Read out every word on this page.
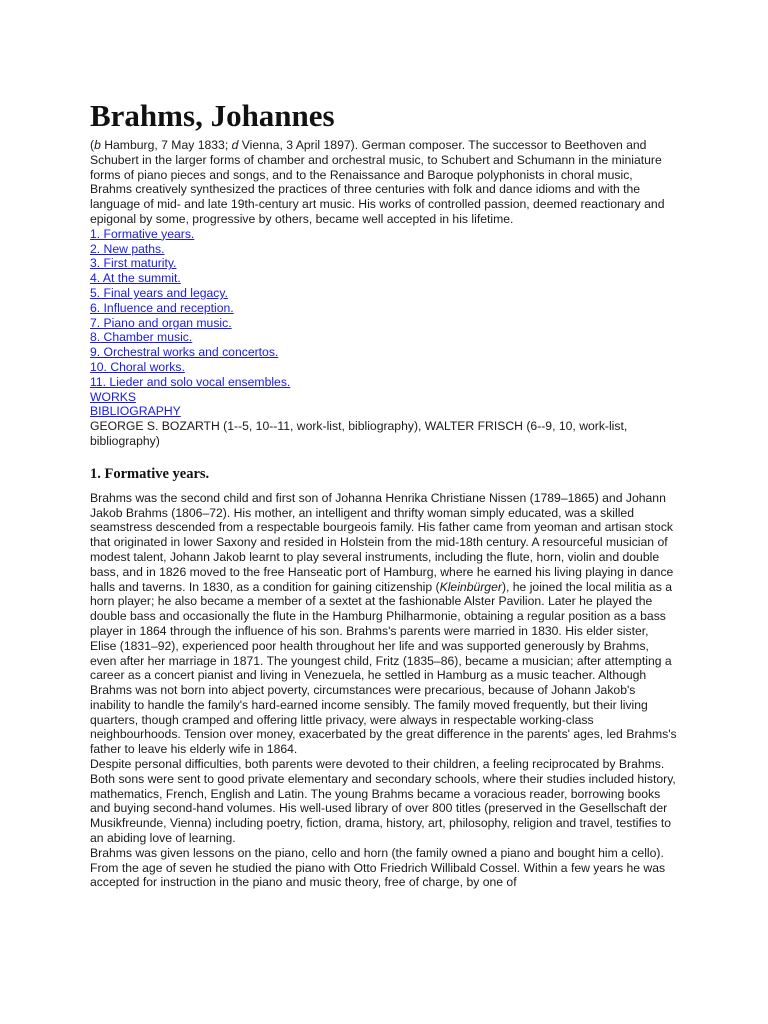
Brahms, Johannes

(b Hamburg, 7 May 1833; d Vienna, 3 April 1897). German composer. The successor to Beethoven and Schubert in the larger forms of chamber and orchestral music, to Schubert and Schumann in the miniature forms of piano pieces and songs, and to the Renaissance and Baroque polyphonists in choral music, Brahms creatively synthesized the practices of three centuries with folk and dance idioms and with the language of mid- and late 19th-century art music. His works of controlled passion, deemed reactionary and epigonal by some, progressive by others, became well accepted in his lifetime.

1. Formative years.
2. New paths.
3. First maturity.
4. At the summit.
5. Final years and legacy.
6. Influence and reception.
7. Piano and organ music.
8. Chamber music.
9. Orchestral works and concertos.
10. Choral works.
11. Lieder and solo vocal ensembles.
WORKS
BIBLIOGRAPHY

GEORGE S. BOZARTH (1--5, 10--11, work-list, bibliography), WALTER FRISCH (6--9, 10, work-list, bibliography)

1. Formative years.

Brahms was the second child and first son of Johanna Henrika Christiane Nissen (1789–1865) and Johann Jakob Brahms (1806–72). His mother, an intelligent and thrifty woman simply educated, was a skilled seamstress descended from a respectable bourgeois family. His father came from yeoman and artisan stock that originated in lower Saxony and resided in Holstein from the mid-18th century. A resourceful musician of modest talent, Johann Jakob learnt to play several instruments, including the flute, horn, violin and double bass, and in 1826 moved to the free Hanseatic port of Hamburg, where he earned his living playing in dance halls and taverns. In 1830, as a condition for gaining citizenship (Kleinbürger), he joined the local militia as a horn player; he also became a member of a sextet at the fashionable Alster Pavilion. Later he played the double bass and occasionally the flute in the Hamburg Philharmonie, obtaining a regular position as a bass player in 1864 through the influence of his son. Brahms's parents were married in 1830. His elder sister, Elise (1831–92), experienced poor health throughout her life and was supported generously by Brahms, even after her marriage in 1871. The youngest child, Fritz (1835–86), became a musician; after attempting a career as a concert pianist and living in Venezuela, he settled in Hamburg as a music teacher. Although Brahms was not born into abject poverty, circumstances were precarious, because of Johann Jakob's inability to handle the family's hard-earned income sensibly. The family moved frequently, but their living quarters, though cramped and offering little privacy, were always in respectable working-class neighbourhoods. Tension over money, exacerbated by the great difference in the parents' ages, led Brahms's father to leave his elderly wife in 1864.

Despite personal difficulties, both parents were devoted to their children, a feeling reciprocated by Brahms. Both sons were sent to good private elementary and secondary schools, where their studies included history, mathematics, French, English and Latin. The young Brahms became a voracious reader, borrowing books and buying second-hand volumes. His well-used library of over 800 titles (preserved in the Gesellschaft der Musikfreunde, Vienna) including poetry, fiction, drama, history, art, philosophy, religion and travel, testifies to an abiding love of learning.

Brahms was given lessons on the piano, cello and horn (the family owned a piano and bought him a cello). From the age of seven he studied the piano with Otto Friedrich Willibald Cossel. Within a few years he was accepted for instruction in the piano and music theory, free of charge, by one of
